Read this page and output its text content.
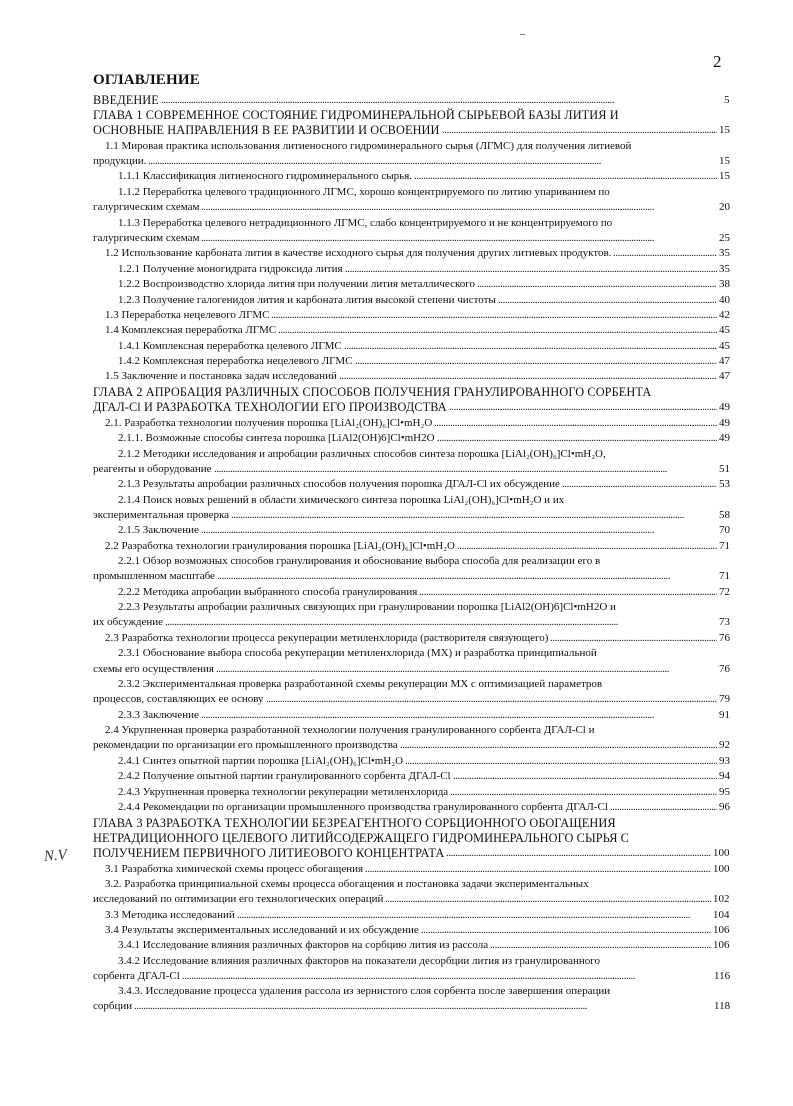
2
ОГЛАВЛЕНИЕ
ВВЕДЕНИЕ	5
. . .
ГЛАВА 1 СОВРЕМЕННОЕ СОСТОЯНИЕ ГИДРОМИНЕРАЛЬНОЙ СЫРЬЕВОЙ БАЗЫ ЛИТИЯ И
ОСНОВНЫЕ НАПРАВЛЕНИЯ В ЕЕ РАЗВИТИИ И ОСВОЕНИИ	15
. . .
1.1 Мировая практика использования литиеносного гидроминерального сырья (ЛГМС) для получения литиевой
продукции.	15
. . .
1.1.1 Классификация литиеносного гидроминерального сырья.	15
. . .
1.1.2 Переработка целевого традиционного ЛГМС, хорошо концентрируемого по литию упариванием по
галургическим схемам	20
. . .
1.1.3 Переработка целевого нетрадиционного ЛГМС, слабо концентрируемого и не концентрируемого по
галургическим схемам	25
. . .
1.2 Использование карбоната лития в качестве исходного сырья для получения других литиевых продуктов.	35
. . .
1.2.1 Получение моногидрата гидроксида лития	35
. . .
1.2.2 Воспроизводство хлорида лития при получении лития металлического	38
. . .
1.2.3 Получение галогенидов лития и карбоната лития высокой степени чистоты	40
. . .
1.3 Переработка нецелевого ЛГМС	42
. . .
1.4 Комплексная переработка ЛГМС	45
. . .
1.4.1 Комплексная переработка целевого ЛГМС	45
. . .
1.4.2 Комплексная переработка нецелевого ЛГМС	47
. . .
1.5 Заключение и постановка задач исследований	47
. . .
ГЛАВА 2 АПРОБАЦИЯ РАЗЛИЧНЫХ СПОСОБОВ ПОЛУЧЕНИЯ ГРАНУЛИРОВАННОГО СОРБЕНТА
ДГАЛ-Cl И РАЗРАБОТКА ТЕХНОЛОГИИ ЕГО ПРОИЗВОДСТВА	49
. . .
2.1. Разработка технологии получения порошка [LiAl₂(OH)₆]Cl•mH₂O	49
. . .
2.1.1. Возможные способы синтеза порошка [LiAl2(OH)6]Cl•mH2O	49
. . .
2.1.2 Методики исследования и апробации различных способов синтеза порошка [LiAl₂(OH)₆]Cl•mH₂O,
реагенты и оборудование	51
. . .
2.1.3 Результаты апробации различных способов получения порошка ДГАЛ-Cl их обсуждение	53
. . .
2.1.4 Поиск новых решений в области химического синтеза порошка LiAl₂(OH)₆]Cl•mH₂O и их
экспериментальная проверка	58
. . .
2.1.5 Заключение	70
. . .
2.2 Разработка технологии гранулирования порошка [LiAl₂(OH)₆]Cl•mH₂O	71
. . .
2.2.1 Обзор возможных способов гранулирования и обоснование выбора способа для реализации его в
промышленном масштабе	71
. . .
2.2.2 Методика апробации выбранного способа гранулирования	72
. . .
2.2.3 Результаты апробации различных связующих при гранулировании порошка [LiAl2(OH)6]Cl•mH2O и
их обсуждение	73
. . .
2.3 Разработка технологии процесса рекуперации метиленхлорида (растворителя связующего)	76
. . .
2.3.1 Обоснование выбора способа рекуперации метиленхлорида (МХ) и разработка принципиальной
схемы его осуществления	76
. . .
2.3.2 Экспериментальная проверка разработанной схемы рекуперации МХ с оптимизацией параметров
процессов, составляющих ее основу	79
. . .
2.3.3 Заключение	91
. . .
2.4 Укрупненная проверка разработанной технологии получения гранулированного сорбента ДГАЛ-Cl и
рекомендации по организации его промышленного производства	92
. . .
2.4.1 Синтез опытной партии порошка [LiAl₂(OH)₆]Cl•mH₂O	93
. . .
2.4.2 Получение опытной партии гранулированного сорбента ДГАЛ-Cl	94
. . .
2.4.3 Укрупненная проверка технологии рекуперации метиленхлорида	95
. . .
2.4.4 Рекомендации по организации промышленного производства гранулированного сорбента ДГАЛ-Cl	96
. . .
ГЛАВА 3 РАЗРАБОТКА ТЕХНОЛОГИИ БЕЗРЕАГЕНТНОГО СОРБЦИОННОГО ОБОГАЩЕНИЯ
НЕТРАДИЦИОННОГО ЦЕЛЕВОГО ЛИТИЙСОДЕРЖАЩЕГО ГИДРОМИНЕРАЛЬНОГО СЫРЬЯ С
ПОЛУЧЕНИЕМ ПЕРВИЧНОГО ЛИТИЕОВОГО КОНЦЕНТРАТА	100
. . .
3.1 Разработка химической схемы процесс обогащения	100
. . .
3.2. Разработка принципиальной схемы процесса обогащения и постановка задачи экспериментальных
исследований по оптимизации его технологических операций	102
. . .
3.3 Методика исследований	104
. . .
3.4 Результаты экспериментальных исследований и их обсуждение	106
. . .
3.4.1 Исследование влияния различных факторов на сорбцию лития из рассола	106
. . .
3.4.2 Исследование влияния различных факторов на показатели десорбции лития из гранулированного
сорбента ДГАЛ-Cl	116
. . .
3.4.3. Исследование процесса удаления рассола из зернистого слоя сорбента после завершения операции
сорбции	118
. . .
N.V
